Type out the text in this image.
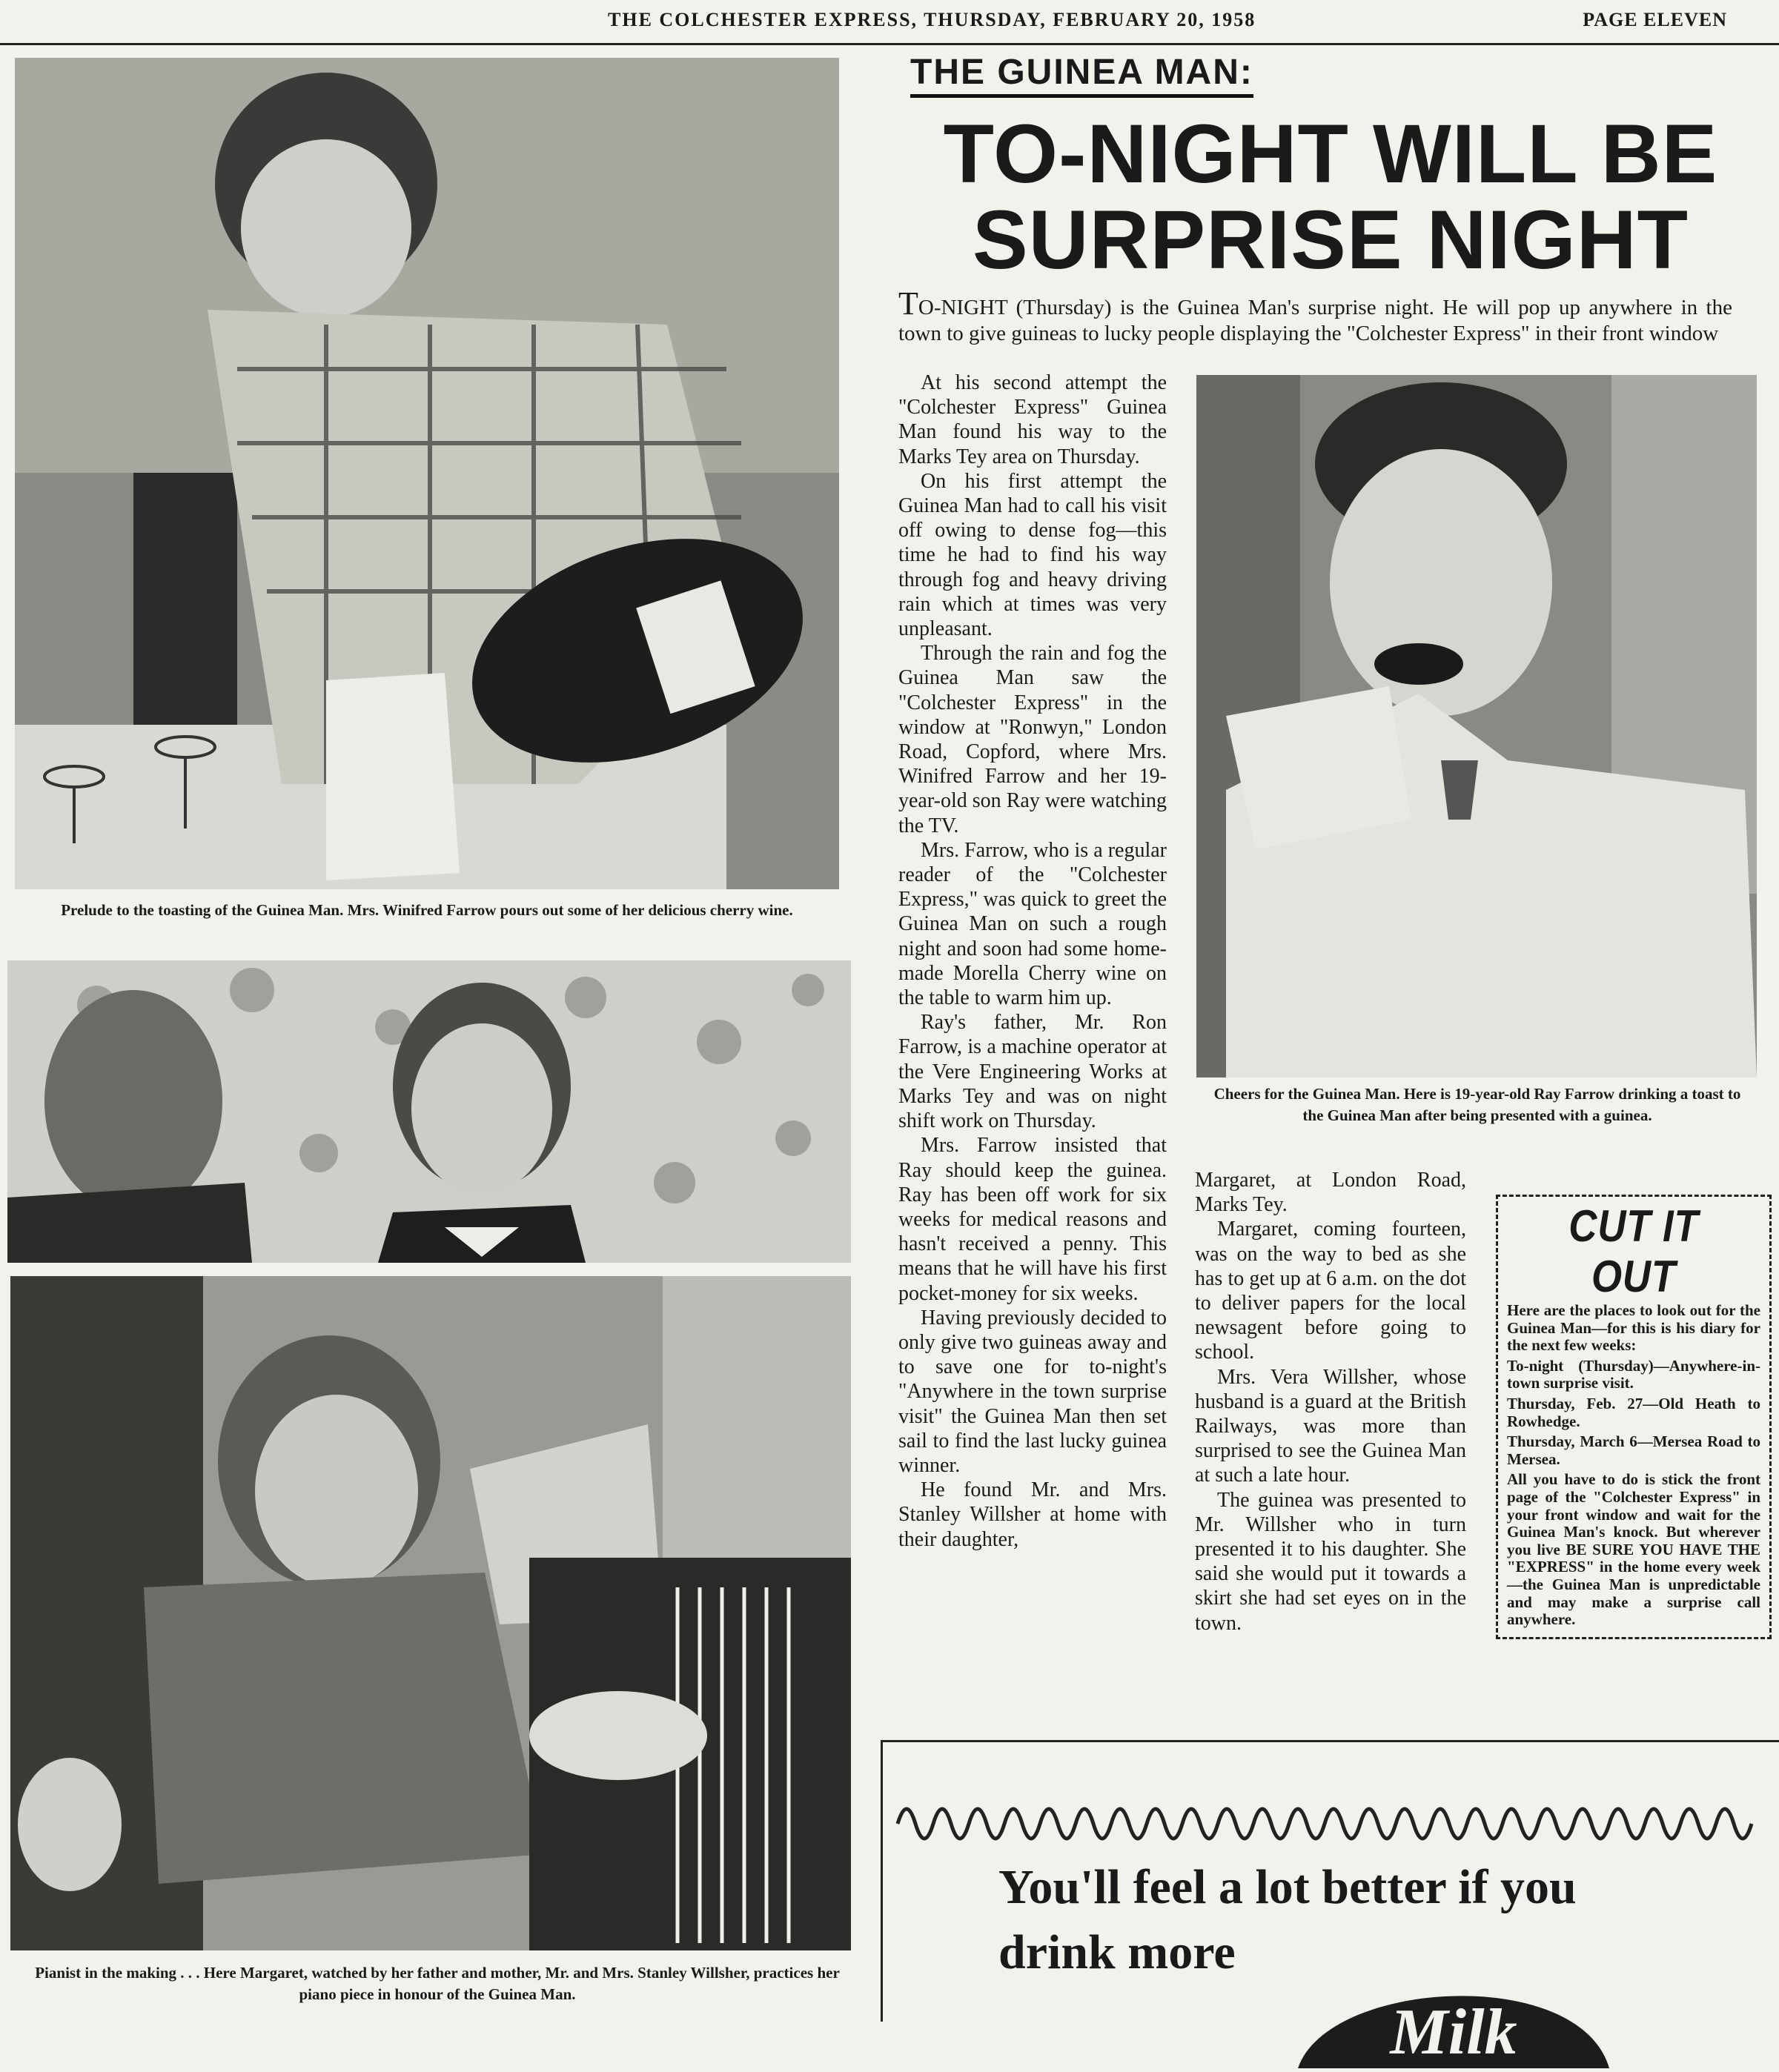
THE COLCHESTER EXPRESS, THURSDAY, FEBRUARY 20, 1958	PAGE ELEVEN
Prelude to the toasting of the Guinea Man. Mrs. Winifred Farrow pours out some of her delicious cherry wine.
Pianist in the making . . . Here Margaret, watched by her father and mother, Mr. and Mrs. Stanley Willsher, practices her piano piece in honour of the Guinea Man.
THE GUINEA MAN:
TO-NIGHT WILL BE SURPRISE NIGHT
TO-NIGHT (Thursday) is the Guinea Man's surprise night. He will pop up anywhere in the town to give guineas to lucky people displaying the "Colchester Express" in their front window

At his second attempt the "Colchester Express" Guinea Man found his way to the Marks Tey area on Thursday.

On his first attempt the Guinea Man had to call his visit off owing to dense fog—this time he had to find his way through fog and heavy driving rain which at times was very unpleasant.

Through the rain and fog the Guinea Man saw the "Colchester Express" in the window at "Ronwyn," London Road, Copford, where Mrs. Winifred Farrow and her 19-year-old son Ray were watching the TV.

Mrs. Farrow, who is a regular reader of the "Colchester Express," was quick to greet the Guinea Man on such a rough night and soon had some home-made Morella Cherry wine on the table to warm him up.

Ray's father, Mr. Ron Farrow, is a machine operator at the Vere Engineering Works at Marks Tey and was on night shift work on Thursday.

Mrs. Farrow insisted that Ray should keep the guinea. Ray has been off work for six weeks for medical reasons and hasn't received a penny. This means that he will have his first pocket-money for six weeks.

Having previously decided to only give two guineas away and to save one for to-night's "Anywhere in the town surprise visit" the Guinea Man then set sail to find the last lucky guinea winner.

He found Mr. and Mrs. Stanley Willsher at home with their daughter,

Cheers for the Guinea Man. Here is 19-year-old Ray Farrow drinking a toast to the Guinea Man after being presented with a guinea.

Margaret, at London Road, Marks Tey.

Margaret, coming fourteen, was on the way to bed as she has to get up at 6 a.m. on the dot to deliver papers for the local newsagent before going to school.

Mrs. Vera Willsher, whose husband is a guard at the British Railways, was more than surprised to see the Guinea Man at such a late hour.

The guinea was presented to Mr. Willsher who in turn presented it to his daughter. She said she would put it towards a skirt she had set eyes on in the town.

CUT IT OUT

Here are the places to look out for the Guinea Man—for this is his diary for the next few weeks:

To-night (Thursday)—Anywhere-in-town surprise visit.

Thursday, Feb. 27—Old Heath to Rowhedge.

Thursday, March 6—Mersea Road to Mersea.

All you have to do is stick the front page of the "Colchester Express" in your front window and wait for the Guinea Man's knock. But wherever you live BE SURE YOU HAVE THE "EXPRESS" in the home every week—the Guinea Man is unpredictable and may make a surprise call anywhere.

You'll feel a lot better if you drink more
Milk
